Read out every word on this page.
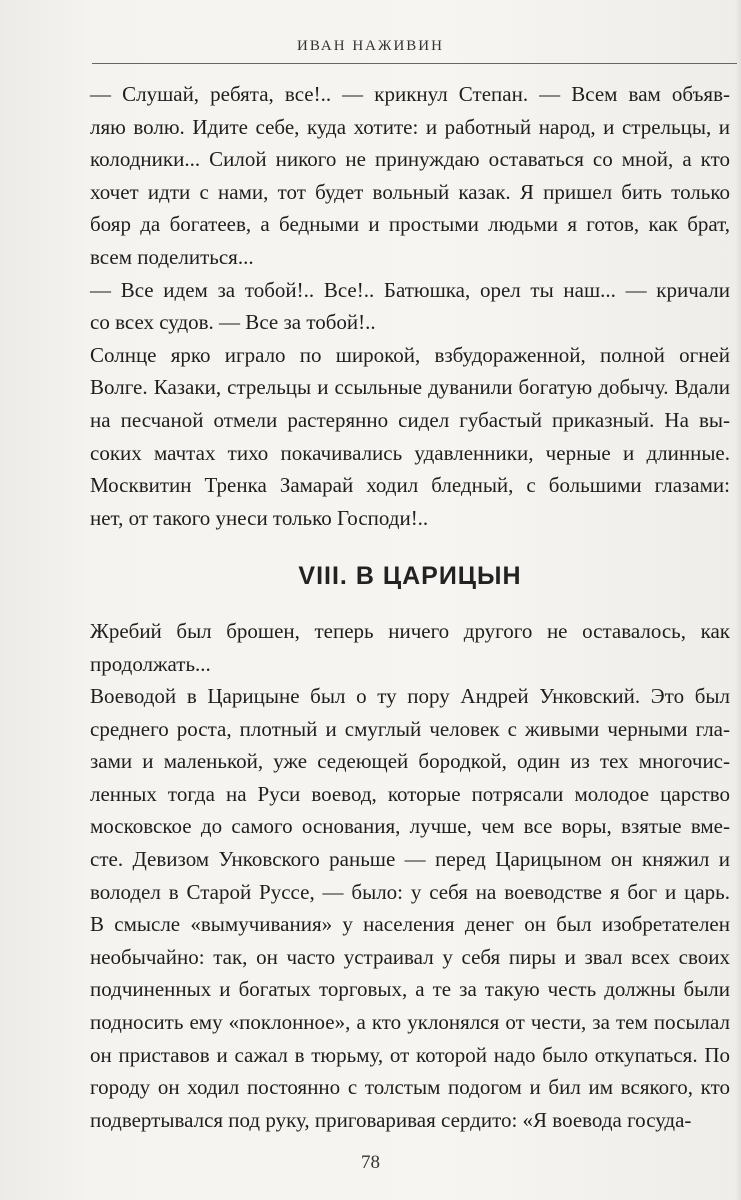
ИВАН НАЖИВИН

— Слушай, ребята, все!.. — крикнул Степан. — Всем вам объяв-
ляю волю. Идите себе, куда хотите: и работный народ, и стрельцы, и
колодники... Силой никого не принуждаю оставаться со мной, а кто
хочет идти с нами, тот будет вольный казак. Я пришел бить только
бояр да богатеев, а бедными и простыми людьми я готов, как брат,
всем поделиться...

— Все идем за тобой!.. Все!.. Батюшка, орел ты наш... — кричали
со всех судов. — Все за тобой!..

Солнце ярко играло по широкой, взбудораженной, полной огней
Волге. Казаки, стрельцы и ссыльные дуванили богатую добычу. Вдали
на песчаной отмели растерянно сидел губастый приказный. На вы-
соких мачтах тихо покачивались удавленники, черные и длинные.
Москвитин Тренка Замарай ходил бледный, с большими глазами:
нет, от такого унеси только Господи!..

VIII. В ЦАРИЦЫН

Жребий был брошен, теперь ничего другого не оставалось, как
продолжать...

Воеводой в Царицыне был о ту пору Андрей Унковский. Это был
среднего роста, плотный и смуглый человек с живыми черными гла-
зами и маленькой, уже седеющей бородкой, один из тех многочис-
ленных тогда на Руси воевод, которые потрясали молодое царство
московское до самого основания, лучше, чем все воры, взятые вме-
сте. Девизом Унковского раньше — перед Царицыном он княжил и
володел в Старой Руссе, — было: у себя на воеводстве я бог и царь.
В смысле «вымучивания» у населения денег он был изобретателен
необычайно: так, он часто устраивал у себя пиры и звал всех своих
подчиненных и богатых торговых, а те за такую честь должны были
подносить ему «поклонное», а кто уклонялся от чести, за тем посылал
он приставов и сажал в тюрьму, от которой надо было откупаться. По
городу он ходил постоянно с толстым подогом и бил им всякого, кто
подвертывался под руку, приговаривая сердито: «Я воевода госуда-

78
